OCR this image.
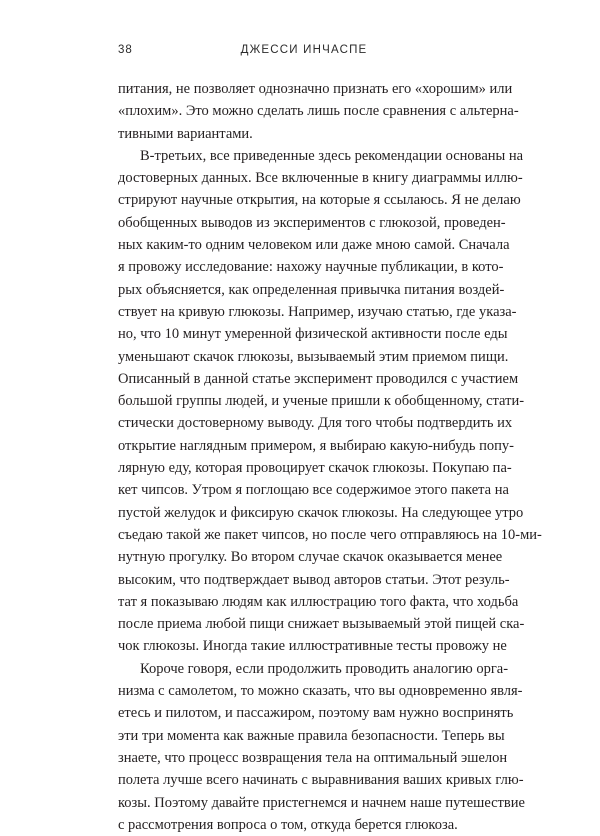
38	ДЖЕССИ ИНЧАСПЕ
питания, не позволяет однозначно признать его «хорошим» или
«плохим». Это можно сделать лишь после сравнения с альтерна-
тивными вариантами.
В-третьих, все приведенные здесь рекомендации основаны на
достоверных данных. Все включенные в книгу диаграммы иллю-
стрируют научные открытия, на которые я ссылаюсь. Я не делаю
обобщенных выводов из экспериментов с глюкозой, проведен-
ных каким-то одним человеком или даже мною самой. Сначала
я провожу исследование: нахожу научные публикации, в кото-
рых объясняется, как определенная привычка питания воздей-
ствует на кривую глюкозы. Например, изучаю статью, где указа-
но, что 10 минут умеренной физической активности после еды
уменьшают скачок глюкозы, вызываемый этим приемом пищи.
Описанный в данной статье эксперимент проводился с участием
большой группы людей, и ученые пришли к обобщенному, стати-
стически достоверному выводу. Для того чтобы подтвердить их
открытие наглядным примером, я выбираю какую-нибудь попу-
лярную еду, которая провоцирует скачок глюкозы. Покупаю па-
кет чипсов. Утром я поглощаю все содержимое этого пакета на
пустой желудок и фиксирую скачок глюкозы. На следующее утро
съедаю такой же пакет чипсов, но после чего отправляюсь на 10-ми-
нутную прогулку. Во втором случае скачок оказывается менее
высоким, что подтверждает вывод авторов статьи. Этот резуль-
тат я показываю людям как иллюстрацию того факта, что ходьба
после приема любой пищи снижает вызываемый этой пищей ска-
чок глюкозы. Иногда такие иллюстративные тесты провожу не
Короче говоря, если продолжить проводить аналогию орга-
низма с самолетом, то можно сказать, что вы одновременно явля-
етесь и пилотом, и пассажиром, поэтому вам нужно воспринять
эти три момента как важные правила безопасности. Теперь вы
знаете, что процесс возвращения тела на оптимальный эшелон
полета лучше всего начинать с выравнивания ваших кривых глю-
козы. Поэтому давайте пристегнемся и начнем наше путешествие
с рассмотрения вопроса о том, откуда берется глюкоза.
